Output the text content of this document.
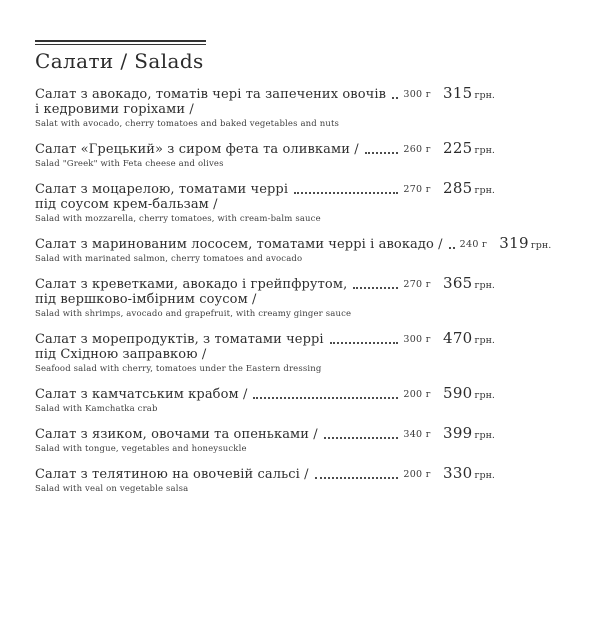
Салати / Salads
Салат з авокадо, томатів чері та запечених овочів 300 г 315 грн.
і кедровими горіхами /
Salat with avocado, cherry tomatoes and baked vegetables and nuts
Салат «Грецький» з сиром фета та оливками /	260 г 225 грн.
Salad "Greek" with Feta cheese and olives
Салат з моцарелою, томатами черрі	270 г 285 грн.
під соусом крем-бальзам /
Salad with mozzarella, cherry tomatoes, with cream-balm sauce
Салат з маринованим лососем, томатами черрі і авокадо / 240 г 319 грн.
Salad with marinated salmon, cherry tomatoes and avocado
Салат з креветками, авокадо і грейпфрутом,	270 г 365 грн.
під вершково-імбірним соусом /
Salad with shrimps, avocado and grapefruit, with creamy ginger sauce
Салат з морепродуктів, з томатами черрі	300 г 470 грн.
під Східною заправкою /
Seafood salad with cherry, tomatoes under the Eastern dressing
Салат з камчатським крабом /	200 г 590 грн.
Salad with Kamchatka crab
Салат з язиком, овочами та опеньками /	340 г 399 грн.
Salad with tongue, vegetables and honeysuckle
Салат з телятиною на овочевій сальсі /	200 г 330 грн.
Salad with veal on vegetable salsa
